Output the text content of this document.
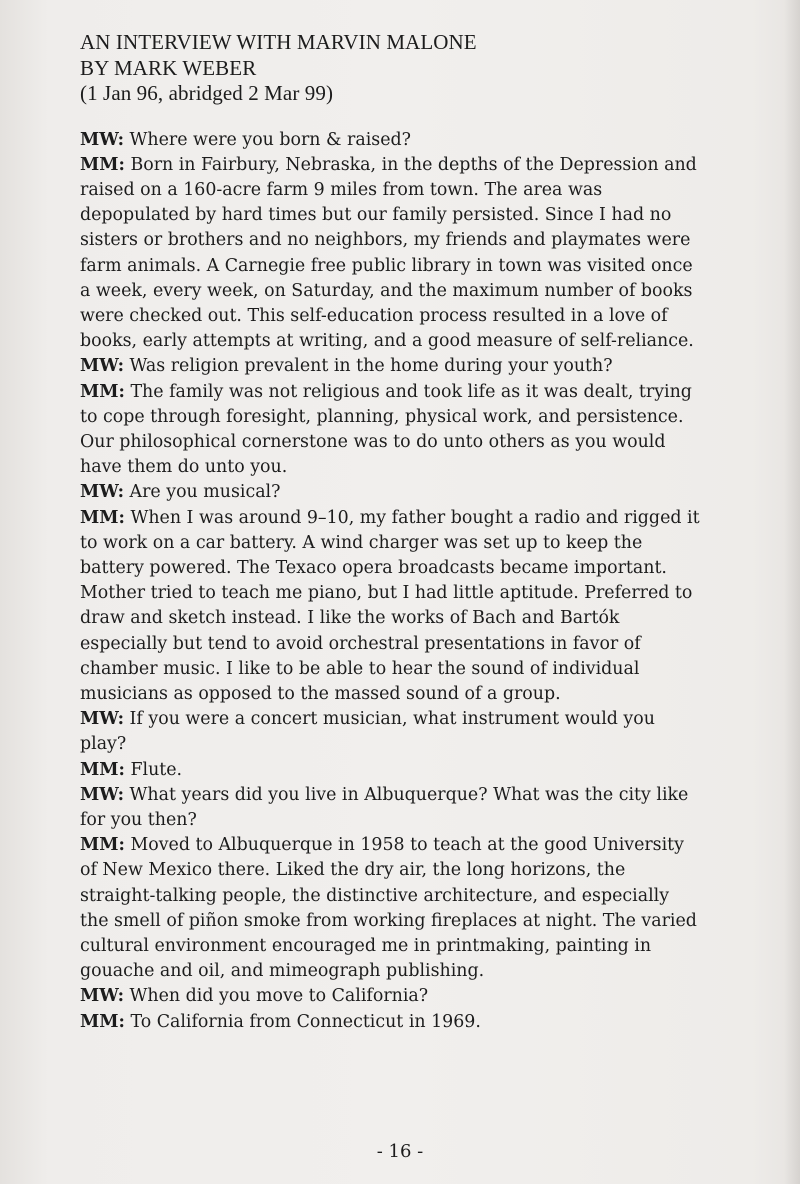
AN INTERVIEW WITH MARVIN MALONE
BY MARK WEBER
(1 Jan 96, abridged 2 Mar 99)

MW: Where were you born & raised?

MM: Born in Fairbury, Nebraska, in the depths of the Depression and raised on a 160-acre farm 9 miles from town. The area was depopulated by hard times but our family persisted. Since I had no sisters or brothers and no neighbors, my friends and playmates were farm animals. A Carnegie free public library in town was visited once a week, every week, on Saturday, and the maximum number of books were checked out. This self-education process resulted in a love of books, early attempts at writing, and a good measure of self-reliance.

MW: Was religion prevalent in the home during your youth?

MM: The family was not religious and took life as it was dealt, trying to cope through foresight, planning, physical work, and persistence. Our philosophical cornerstone was to do unto others as you would have them do unto you.

MW: Are you musical?

MM: When I was around 9–10, my father bought a radio and rigged it to work on a car battery. A wind charger was set up to keep the battery powered. The Texaco opera broadcasts became important. Mother tried to teach me piano, but I had little aptitude. Preferred to draw and sketch instead. I like the works of Bach and Bartók especially but tend to avoid orchestral presentations in favor of chamber music. I like to be able to hear the sound of individual musicians as opposed to the massed sound of a group.

MW: If you were a concert musician, what instrument would you play?

MM: Flute.

MW: What years did you live in Albuquerque? What was the city like for you then?

MM: Moved to Albuquerque in 1958 to teach at the good University of New Mexico there. Liked the dry air, the long horizons, the straight-talking people, the distinctive architecture, and especially the smell of piñon smoke from working fireplaces at night. The varied cultural environment encouraged me in printmaking, painting in gouache and oil, and mimeograph publishing.

MW: When did you move to California?

MM: To California from Connecticut in 1969.

- 16 -
